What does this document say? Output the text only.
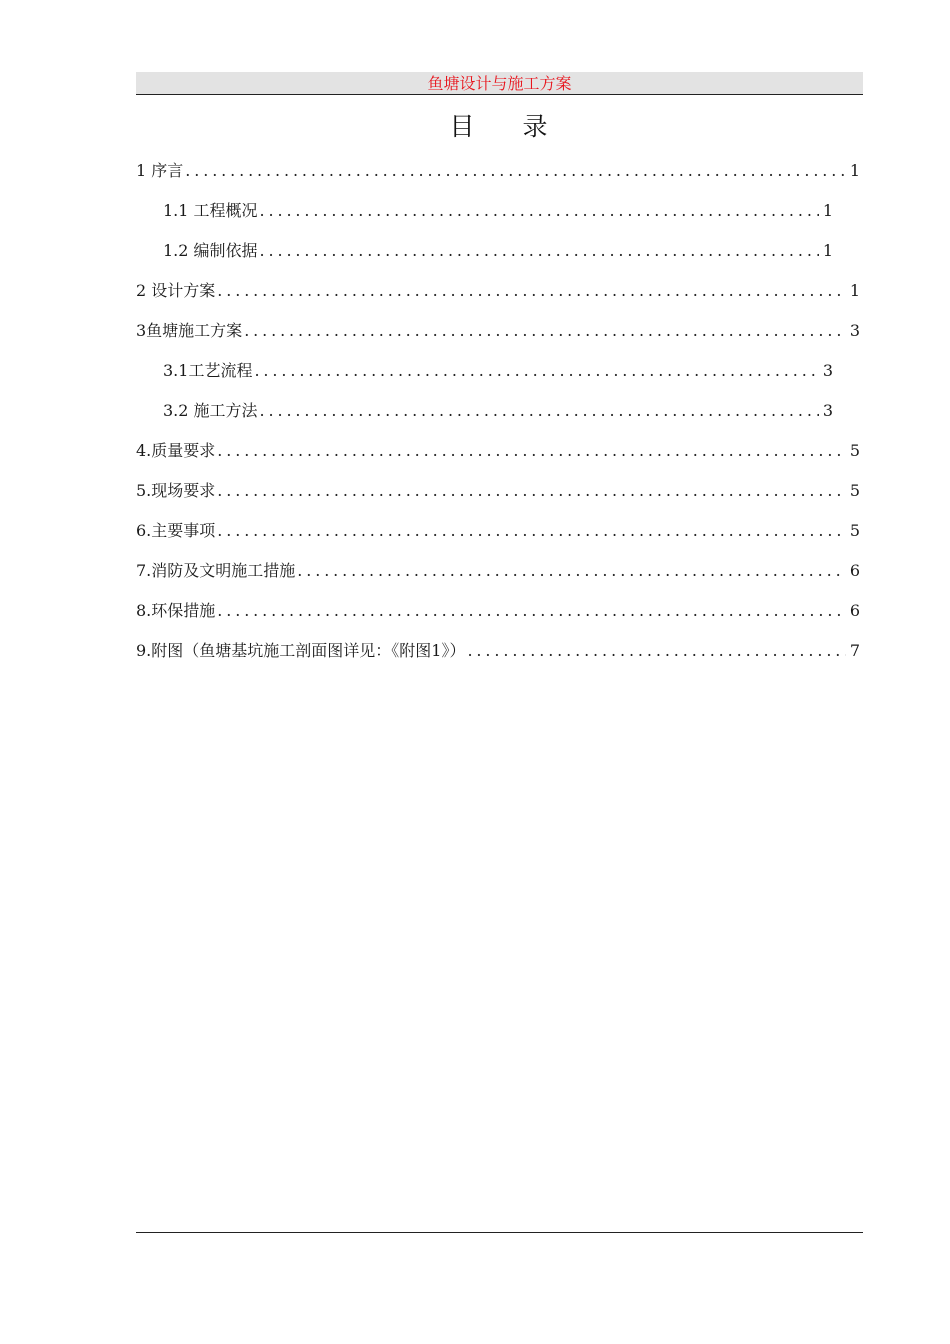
鱼塘设计与施工方案
目 录
1 序言 . . .	1
1.1 工程概况 . . .	1
1.2 编制依据 . . .	1
2 设计方案 . . .	1
3鱼塘施工方案 . . .	3
3.1工艺流程 . . .	3
3.2 施工方法 . . .	3
4.质量要求 . . .	5
5.现场要求 . . .	5
6.主要事项 . . .	5
7.消防及文明施工措施 . . .	6
8.环保措施 . . .	6
9.附图（鱼塘基坑施工剖面图详见：《附图1》） . . .	7
